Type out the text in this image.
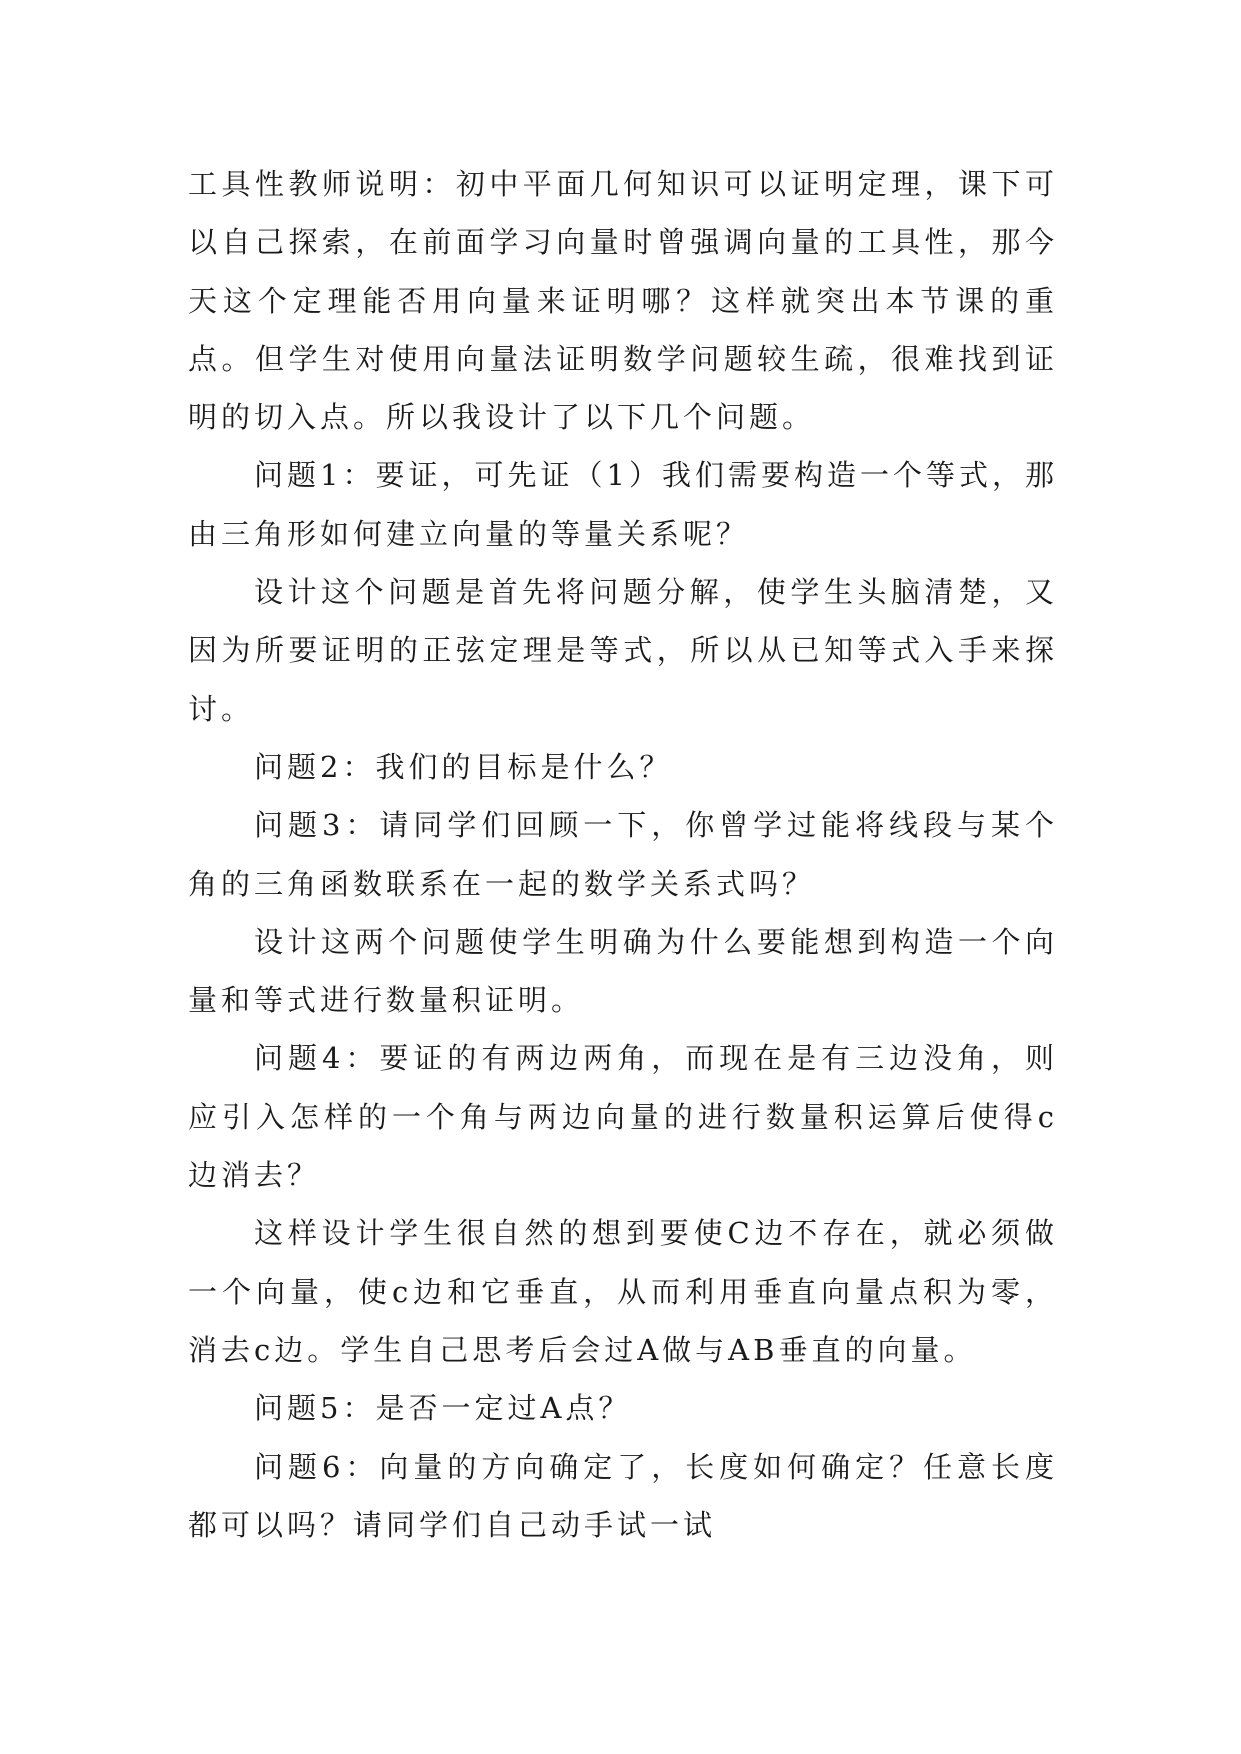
工具性教师说明：初中平面几何知识可以证明定理，课下可以自己探索，在前面学习向量时曾强调向量的工具性，那今天这个定理能否用向量来证明哪？这样就突出本节课的重点。但学生对使用向量法证明数学问题较生疏，很难找到证明的切入点。所以我设计了以下几个问题。

问题1：要证，可先证（1）我们需要构造一个等式，那由三角形如何建立向量的等量关系呢？

设计这个问题是首先将问题分解，使学生头脑清楚，又因为所要证明的正弦定理是等式，所以从已知等式入手来探讨。

问题2：我们的目标是什么？

问题3：请同学们回顾一下，你曾学过能将线段与某个角的三角函数联系在一起的数学关系式吗？

设计这两个问题使学生明确为什么要能想到构造一个向量和等式进行数量积证明。

问题4：要证的有两边两角，而现在是有三边没角，则应引入怎样的一个角与两边向量的进行数量积运算后使得c边消去？

这样设计学生很自然的想到要使C边不存在，就必须做一个向量，使c边和它垂直，从而利用垂直向量点积为零，消去c边。学生自己思考后会过A做与AB垂直的向量。

问题5：是否一定过A点？

问题6：向量的方向确定了，长度如何确定？任意长度都可以吗？请同学们自己动手试一试
